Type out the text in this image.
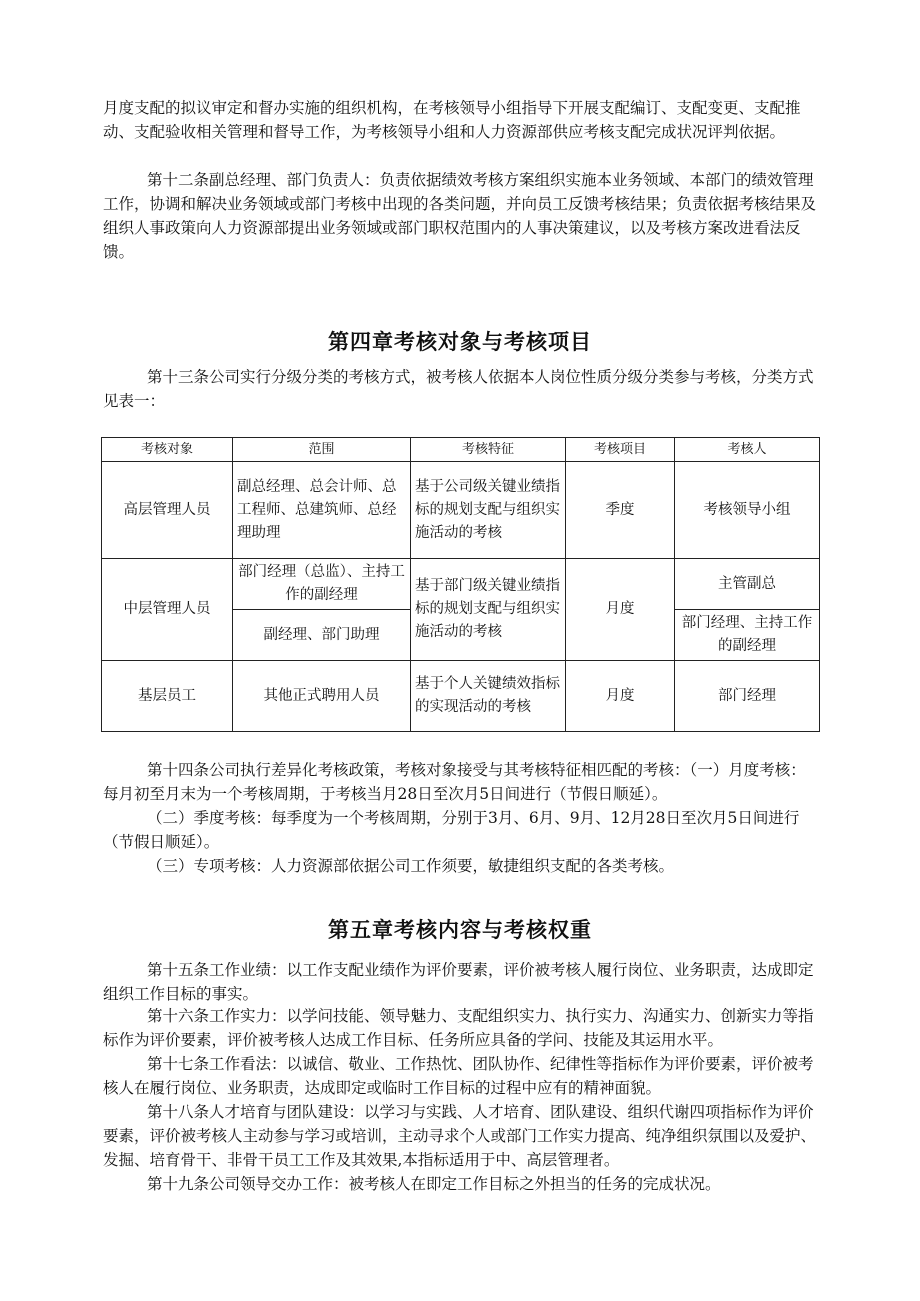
月度支配的拟议审定和督办实施的组织机构，在考核领导小组指导下开展支配编订、支配变更、支配推动、支配验收相关管理和督导工作，为考核领导小组和人力资源部供应考核支配完成状况评判依据。

第十二条副总经理、部门负责人：负责依据绩效考核方案组织实施本业务领域、本部门的绩效管理工作，协调和解决业务领域或部门考核中出现的各类问题，并向员工反馈考核结果；负责依据考核结果及组织人事政策向人力资源部提出业务领域或部门职权范围内的人事决策建议，以及考核方案改进看法反馈。

第四章考核对象与考核项目

第十三条公司实行分级分类的考核方式，被考核人依据本人岗位性质分级分类参与考核，分类方式见表一：

考核对象	范围	考核特征	考核项目	考核人
高层管理人员	副总经理、总会计师、总工程师、总建筑师、总经理助理	基于公司级关键业绩指标的规划支配与组织实施活动的考核	季度	考核领导小组
中层管理人员	部门经理（总监）、主持工作的副经理	基于部门级关键业绩指标的规划支配与组织实施活动的考核	月度	主管副总
	副经理、部门助理			部门经理、主持工作的副经理
基层员工	其他正式聘用人员	基于个人关键绩效指标的实现活动的考核	月度	部门经理

第十四条公司执行差异化考核政策，考核对象接受与其考核特征相匹配的考核：（一）月度考核：每月初至月末为一个考核周期，于考核当月28日至次月5日间进行（节假日顺延）。

（二）季度考核：每季度为一个考核周期，分别于3月、6月、9月、12月28日至次月5日间进行（节假日顺延）。

（三）专项考核：人力资源部依据公司工作须要，敏捷组织支配的各类考核。

第五章考核内容与考核权重

第十五条工作业绩：以工作支配业绩作为评价要素，评价被考核人履行岗位、业务职责，达成即定组织工作目标的事实。

第十六条工作实力：以学问技能、领导魅力、支配组织实力、执行实力、沟通实力、创新实力等指标作为评价要素，评价被考核人达成工作目标、任务所应具备的学问、技能及其运用水平。

第十七条工作看法：以诚信、敬业、工作热忱、团队协作、纪律性等指标作为评价要素，评价被考核人在履行岗位、业务职责，达成即定或临时工作目标的过程中应有的精神面貌。

第十八条人才培育与团队建设：以学习与实践、人才培育、团队建设、组织代谢四项指标作为评价要素，评价被考核人主动参与学习或培训，主动寻求个人或部门工作实力提高、纯净组织氛围以及爱护、发掘、培育骨干、非骨干员工工作及其效果,本指标适用于中、高层管理者。

第十九条公司领导交办工作：被考核人在即定工作目标之外担当的任务的完成状况。
